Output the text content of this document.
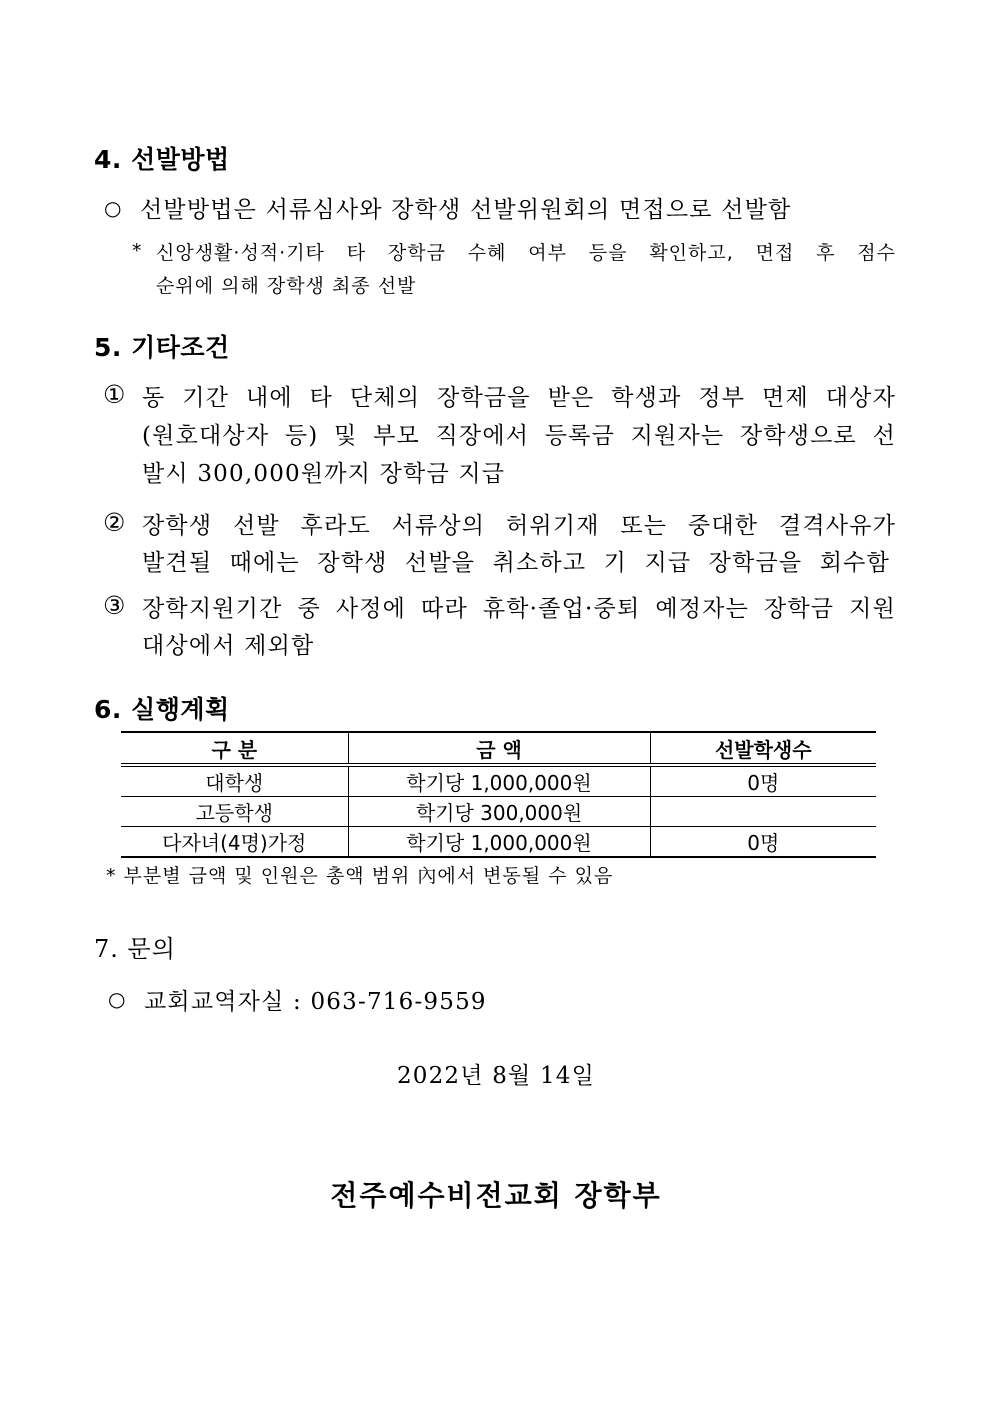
4. 선발방법
○ 선발방법은 서류심사와 장학생 선발위원회의 면접으로 선발함
* 신앙생활·성적·기타 타 장학금 수혜 여부 등을 확인하고, 면접 후 점수
순위에 의해 장학생 최종 선발
5. 기타조건
① 동 기간 내에 타 단체의 장학금을 받은 학생과 정부 면제 대상자
(원호대상자 등) 및 부모 직장에서 등록금 지원자는 장학생으로 선
발시 300,000원까지 장학금 지급
② 장학생 선발 후라도 서류상의 허위기재 또는 중대한 결격사유가
발견될 때에는 장학생 선발을 취소하고 기 지급 장학금을 회수함
③ 장학지원기간 중 사정에 따라 휴학·졸업·중퇴 예정자는 장학금 지원
대상에서 제외함
6. 실행계획
구 분	금 액	선발학생수
대학생	학기당 1,000,000원	0명
고등학생	학기당 300,000원	
다자녀(4명)가정	학기당 1,000,000원	0명
* 부분별 금액 및 인원은 총액 범위 內에서 변동될 수 있음
7. 문의
○ 교회교역자실 : 063-716-9559
2022년 8월 14일
전주예수비전교회 장학부
